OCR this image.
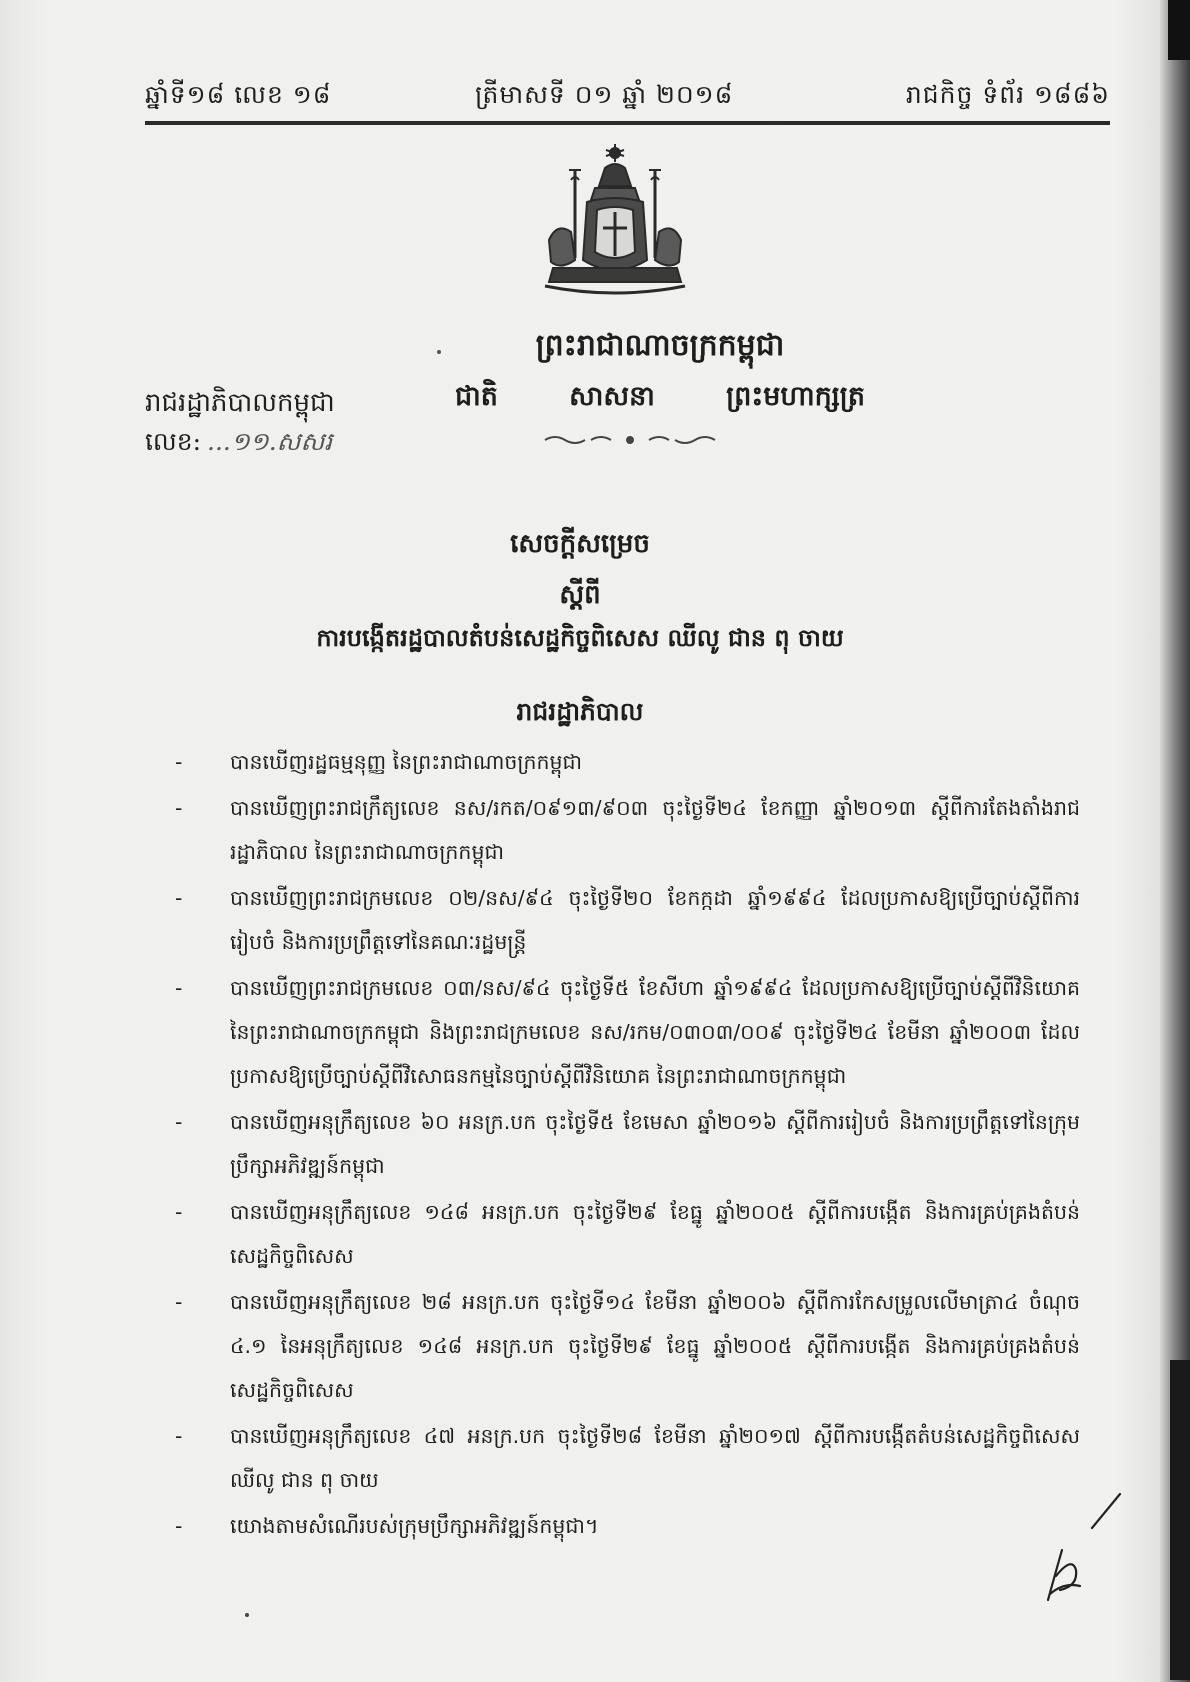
ឆ្នាំទី១៨ លេខ ១៨	ត្រីមាសទី ០១ ឆ្នាំ ២០១៨	រាជកិច្ច ទំព័រ ១៨៨៦
ព្រះរាជាណាចក្រកម្ពុជា
ជាតិ	សាសនា	ព្រះមហាក្សត្រ
រាជរដ្ឋាភិបាលកម្ពុជា
លេខ: ...១១.សសរ
សេចក្តីសម្រេច
ស្តីពី
ការបង្កើតរដ្ឋបាលតំបន់សេដ្ឋកិច្ចពិសេស ឈីលូ ជាន ពុ ចាយ
រាជរដ្ឋាភិបាល
- បានឃើញរដ្ឋធម្មនុញ្ញ នៃព្រះរាជាណាចក្រកម្ពុជា
- បានឃើញព្រះរាជក្រឹត្យលេខ នស/រកត/០៩១៣/៩០៣ ចុះថ្ងៃទី២៤ ខែកញ្ញា ឆ្នាំ២០១៣ ស្តីពីការតែងតាំងរាជរដ្ឋាភិបាល នៃព្រះរាជាណាចក្រកម្ពុជា
- បានឃើញព្រះរាជក្រមលេខ ០២/នស/៩៤ ចុះថ្ងៃទី២០ ខែកក្កដា ឆ្នាំ១៩៩៤ ដែលប្រកាសឱ្យប្រើច្បាប់ស្តីពីការរៀបចំ និងការប្រព្រឹត្តទៅនៃគណៈរដ្ឋមន្ត្រី
- បានឃើញព្រះរាជក្រមលេខ ០៣/នស/៩៤ ចុះថ្ងៃទី៥ ខែសីហា ឆ្នាំ១៩៩៤ ដែលប្រកាសឱ្យប្រើច្បាប់ស្តីពីវិនិយោគនៃព្រះរាជាណាចក្រកម្ពុជា និងព្រះរាជក្រមលេខ នស/រកម/០៣០៣/០០៩ ចុះថ្ងៃទី២៤ ខែមីនា ឆ្នាំ២០០៣ ដែលប្រកាសឱ្យប្រើច្បាប់ស្តីពីវិសោធនកម្មនៃច្បាប់ស្តីពីវិនិយោគ នៃព្រះរាជាណាចក្រកម្ពុជា
- បានឃើញអនុក្រឹត្យលេខ ៦០ អនក្រ.បក ចុះថ្ងៃទី៥ ខែមេសា ឆ្នាំ២០១៦ ស្តីពីការរៀបចំ និងការប្រព្រឹត្តទៅនៃក្រុមប្រឹក្សាអភិវឌ្ឍន៍កម្ពុជា
- បានឃើញអនុក្រឹត្យលេខ ១៤៨ អនក្រ.បក ចុះថ្ងៃទី២៩ ខែធ្នូ ឆ្នាំ២០០៥ ស្តីពីការបង្កើត និងការគ្រប់គ្រងតំបន់សេដ្ឋកិច្ចពិសេស
- បានឃើញអនុក្រឹត្យលេខ ២៨ អនក្រ.បក ចុះថ្ងៃទី១៤ ខែមីនា ឆ្នាំ២០០៦ ស្តីពីការកែសម្រួលលើមាត្រា៤ ចំណុច ៤.១ នៃអនុក្រឹត្យលេខ ១៤៨ អនក្រ.បក ចុះថ្ងៃទី២៩ ខែធ្នូ ឆ្នាំ២០០៥ ស្តីពីការបង្កើត និងការគ្រប់គ្រងតំបន់សេដ្ឋកិច្ចពិសេស
- បានឃើញអនុក្រឹត្យលេខ ៤៧ អនក្រ.បក ចុះថ្ងៃទី២៨ ខែមីនា ឆ្នាំ២០១៧ ស្តីពីការបង្កើតតំបន់សេដ្ឋកិច្ចពិសេស ឈីលូ ជាន ពុ ចាយ
- យោងតាមសំណើរបស់ក្រុមប្រឹក្សាអភិវឌ្ឍន៍កម្ពុជា។
